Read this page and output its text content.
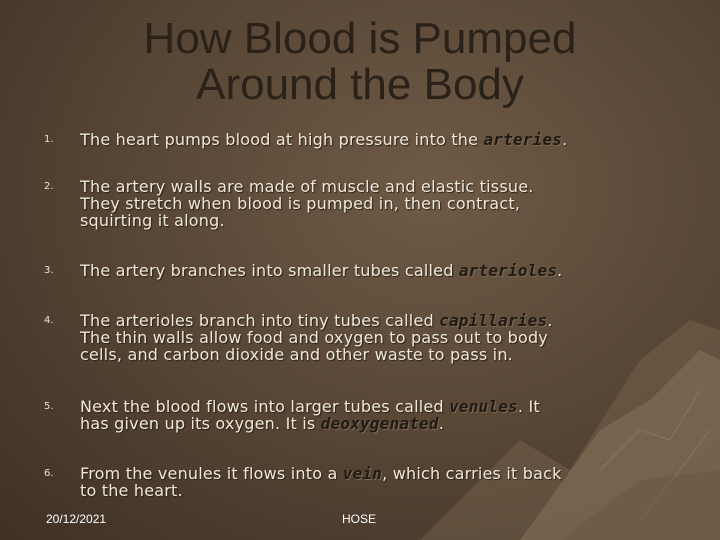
How Blood is Pumped
Around the Body
1.	The heart pumps blood at high pressure into the arteries.
2.	The artery walls are made of muscle and elastic tissue.
They stretch when blood is pumped in, then contract,
squirting it along.
3.	The artery branches into smaller tubes called arterioles.
4.	The arterioles branch into tiny tubes called capillaries.
The thin walls allow food and oxygen to pass out to body
cells, and carbon dioxide and other waste to pass in.
5.	Next the blood flows into larger tubes called venules. It
has given up its oxygen. It is deoxygenated.
6.	From the venules it flows into a vein, which carries it back
to the heart.
20/12/2021	HOSE
